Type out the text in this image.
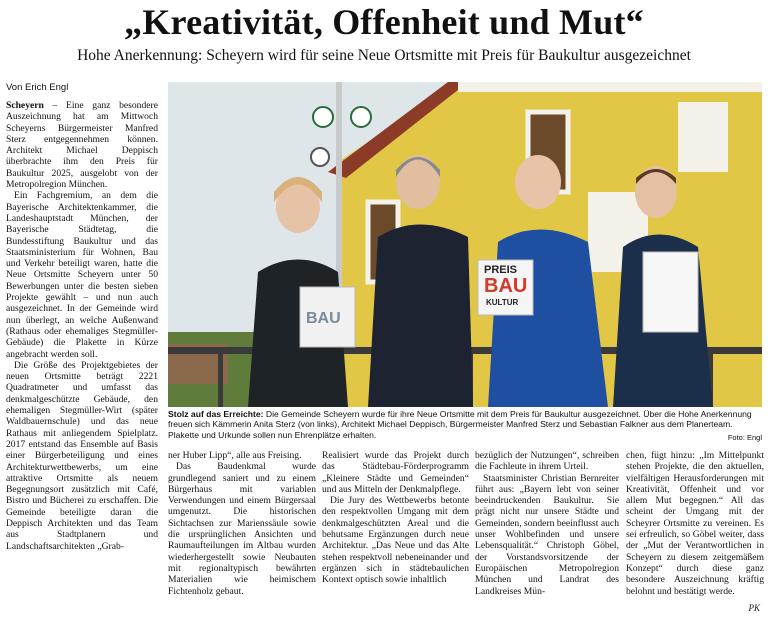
„Kreativität, Offenheit und Mut“
Hohe Anerkennung: Scheyern wird für seine Neue Ortsmitte mit Preis für Baukultur ausgezeichnet
Von Erich Engl

Scheyern – Eine ganz besondere Auszeichnung hat am Mittwoch Scheyerns Bürgermeister Manfred Sterz entgegennehmen können. Architekt Michael Deppisch überbrachte ihm den Preis für Baukultur 2025, ausgelobt von der Metropolregion München.

Ein Fachgremium, an dem die Bayerische Architektenkammer, die Landeshauptstadt München, der Bayerische Städtetag, die Bundesstiftung Baukultur und das Staatsministerium für Wohnen, Bau und Verkehr beteiligt waren, hatte die Neue Ortsmitte Scheyern unter 50 Bewerbungen unter die besten sieben Projekte gewählt – und nun auch ausgezeichnet. In der Gemeinde wird nun überlegt, an welche Außenwand (Rathaus oder ehemaliges Stegmüller-Gebäude) die Plakette in Kürze angebracht werden soll.

Die Größe des Projektgebietes der neuen Ortsmitte beträgt 2221 Quadratmeter und umfasst das denkmalgeschützte Gebäude, den ehemaligen Stegmüller-Wirt (später Waldbauernschule) und das neue Rathaus mit anliegendem Spielplatz. 2017 entstand das Ensemble auf Basis einer Bürgerbeteiligung und eines Architekturwettbewerbs, um eine attraktive Ortsmitte als neuem Begegnungsort zusätzlich mit Café, Bistro und Bücherei zu erschaffen. Die Gemeinde beteiligte daran die Deppisch Architekten und das Team aus Stadtplanern und Landschaftsarchitekten „Grab-

BAU
PREIS
BAU
KULTUR
Stolz auf das Erreichte: Die Gemeinde Scheyern wurde für ihre Neue Ortsmitte mit dem Preis für Baukultur ausgezeichnet. Über die Hohe Anerkennung freuen sich Kämmerin Anita Sterz (von links), Architekt Michael Deppisch, Bürgermeister Manfred Sterz und Sebastian Falkner aus dem Planerteam. Plakette und Urkunde sollen nun Ehrenplätze erhalten.	Foto: Engl

ner Huber Lipp“, alle aus Freising.

Das Baudenkmal wurde grundlegend saniert und zu einem Bürgerhaus mit variablen Verwendungen und einem Bürgersaal umgenutzt. Die historischen Sichtachsen zur Marienssäule sowie die ursprünglichen Ansichten und Raumaufteilungen im Altbau wurden wiederhergestellt sowie Neubauten mit regionaltypisch bewährten Materialien wie heimischem Fichtenholz gebaut.

Realisiert wurde das Projekt durch das Städtebau-Förderprogramm „Kleinere Städte und Gemeinden“ und aus Mitteln der Denkmalpflege.

Die Jury des Wettbewerbs betonte den respektvollen Umgang mit dem denkmalgeschützten Areal und die behutsame Ergänzungen durch neue Architektur. „Das Neue und das Alte stehen respektvoll nebeneinander und ergänzen sich in städtebaulichen Kontext optisch sowie inhaltlich

bezüglich der Nutzungen“, schreiben die Fachleute in ihrem Urteil.

Staatsminister Christian Bernreiter führt aus: „Bayern lebt von seiner beeindruckenden Baukultur. Sie prägt nicht nur unsere Städte und Gemeinden, sondern beeinflusst auch unser Wohlbefinden und unsere Lebensqualität.“ Christoph Göbel, der Vorstandsvorsitzende der Europäischen Metropolregion München und Landrat des Landkreises Mün-

chen, fügt hinzu: „Im Mittelpunkt stehen Projekte, die den aktuellen, vielfältigen Herausforderungen mit Kreativität, Offenheit und vor allem Mut begegnen.“ All das scheint der Umgang mit der Scheyrer Ortsmitte zu vereinen. Es sei erfreulich, so Göbel weiter, dass der „Mut der Verantwortlichen in Scheyern zu diesem zeitgemäßem Konzept“ durch diese ganz besondere Auszeichnung kräftig belohnt und bestätigt werde.

PK
